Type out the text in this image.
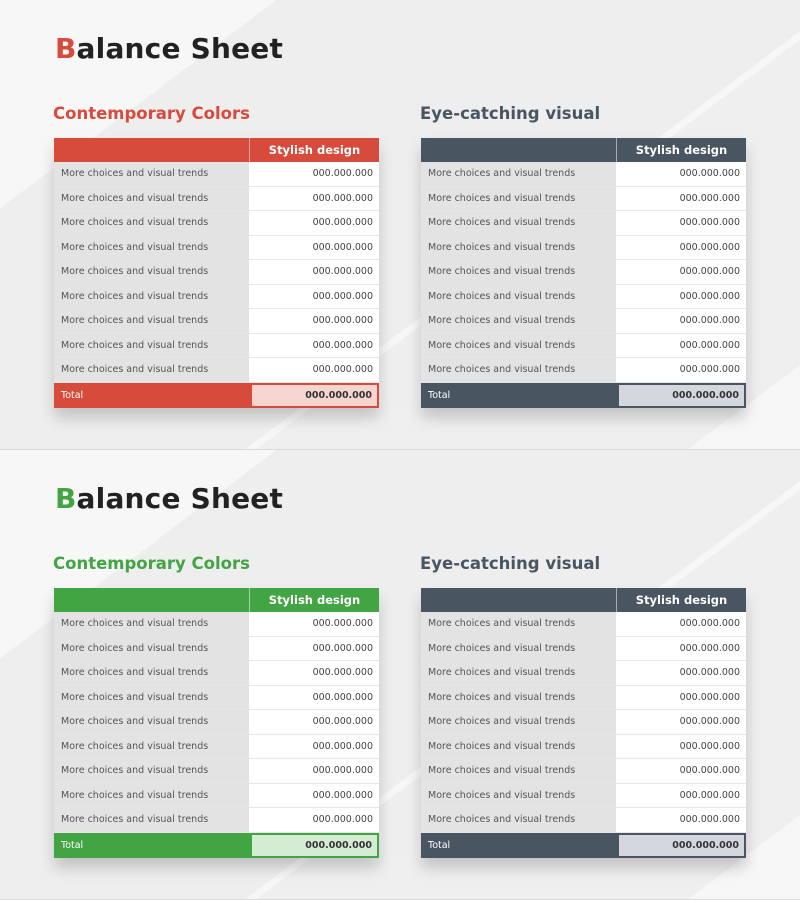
Balance Sheet
Contemporary Colors	Eye-catching visual
Stylish design
More choices and visual trends	000.000.000
More choices and visual trends	000.000.000
More choices and visual trends	000.000.000
More choices and visual trends	000.000.000
More choices and visual trends	000.000.000
More choices and visual trends	000.000.000
More choices and visual trends	000.000.000
More choices and visual trends	000.000.000
More choices and visual trends	000.000.000
Total	000.000.000
Stylish design
More choices and visual trends	000.000.000
More choices and visual trends	000.000.000
More choices and visual trends	000.000.000
More choices and visual trends	000.000.000
More choices and visual trends	000.000.000
More choices and visual trends	000.000.000
More choices and visual trends	000.000.000
More choices and visual trends	000.000.000
More choices and visual trends	000.000.000
Total	000.000.000
Balance Sheet
Contemporary Colors	Eye-catching visual
Stylish design
More choices and visual trends	000.000.000
More choices and visual trends	000.000.000
More choices and visual trends	000.000.000
More choices and visual trends	000.000.000
More choices and visual trends	000.000.000
More choices and visual trends	000.000.000
More choices and visual trends	000.000.000
More choices and visual trends	000.000.000
More choices and visual trends	000.000.000
Total	000.000.000
Stylish design
More choices and visual trends	000.000.000
More choices and visual trends	000.000.000
More choices and visual trends	000.000.000
More choices and visual trends	000.000.000
More choices and visual trends	000.000.000
More choices and visual trends	000.000.000
More choices and visual trends	000.000.000
More choices and visual trends	000.000.000
More choices and visual trends	000.000.000
Total	000.000.000
